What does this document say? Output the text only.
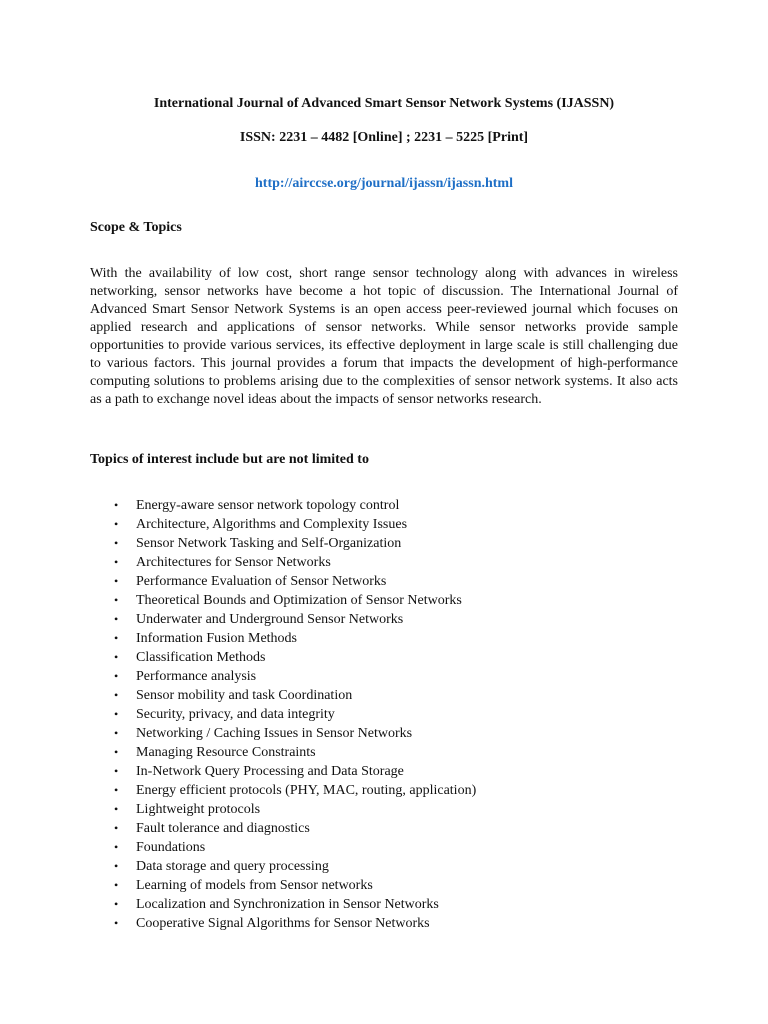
International Journal of Advanced Smart Sensor Network Systems (IJASSN)
ISSN: 2231 – 4482 [Online] ; 2231 – 5225 [Print]
http://airccse.org/journal/ijassn/ijassn.html
Scope & Topics

With the availability of low cost, short range sensor technology along with advances in wireless networking, sensor networks have become a hot topic of discussion. The International Journal of Advanced Smart Sensor Network Systems is an open access peer-reviewed journal which focuses on applied research and applications of sensor networks. While sensor networks provide sample opportunities to provide various services, its effective deployment in large scale is still challenging due to various factors. This journal provides a forum that impacts the development of high-performance computing solutions to problems arising due to the complexities of sensor network systems. It also acts as a path to exchange novel ideas about the impacts of sensor networks research.

Topics of interest include but are not limited to
• Energy-aware sensor network topology control
• Architecture, Algorithms and Complexity Issues
• Sensor Network Tasking and Self-Organization
• Architectures for Sensor Networks
• Performance Evaluation of Sensor Networks
• Theoretical Bounds and Optimization of Sensor Networks
• Underwater and Underground Sensor Networks
• Information Fusion Methods
• Classification Methods
• Performance analysis
• Sensor mobility and task Coordination
• Security, privacy, and data integrity
• Networking / Caching Issues in Sensor Networks
• Managing Resource Constraints
• In-Network Query Processing and Data Storage
• Energy efficient protocols (PHY, MAC, routing, application)
• Lightweight protocols
• Fault tolerance and diagnostics
• Foundations
• Data storage and query processing
• Learning of models from Sensor networks
• Localization and Synchronization in Sensor Networks
• Cooperative Signal Algorithms for Sensor Networks
